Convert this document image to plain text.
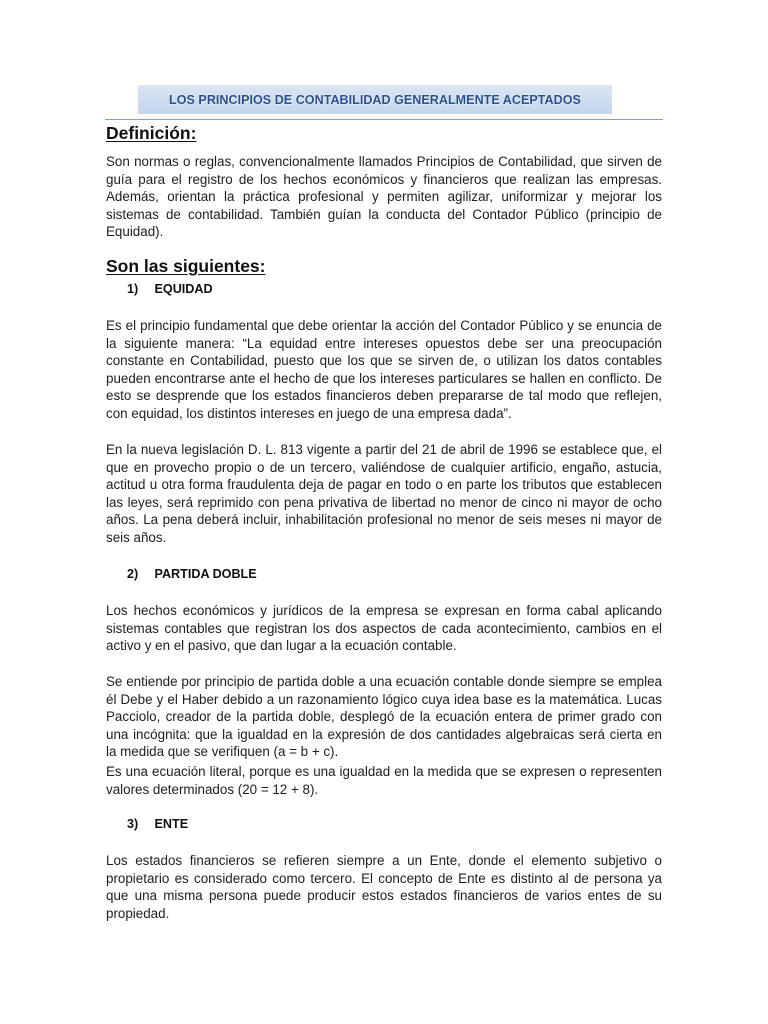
LOS PRINCIPIOS DE CONTABILIDAD GENERALMENTE ACEPTADOS
Definición:

Son normas o reglas, convencionalmente llamados Principios de Contabilidad, que sirven de guía para el registro de los hechos económicos y financieros que realizan las empresas. Además, orientan la práctica profesional y permiten agilizar, uniformizar y mejorar los sistemas de contabilidad. También guían la conducta del Contador Público (principio de Equidad).

Son las siguientes:
1) EQUIDAD

Es el principio fundamental que debe orientar la acción del Contador Público y se enuncia de la siguiente manera: “La equidad entre intereses opuestos debe ser una preocupación constante en Contabilidad, puesto que los que se sirven de, o utilizan los datos contables pueden encontrarse ante el hecho de que los intereses particulares se hallen en conflicto. De esto se desprende que los estados financieros deben prepararse de tal modo que reflejen, con equidad, los distintos intereses en juego de una empresa dada”.

En la nueva legislación D. L. 813 vigente a partir del 21 de abril de 1996 se establece que, el que en provecho propio o de un tercero, valiéndose de cualquier artificio, engaño, astucia, actitud u otra forma fraudulenta deja de pagar en todo o en parte los tributos que establecen las leyes, será reprimido con pena privativa de libertad no menor de cinco ni mayor de ocho años. La pena deberá incluir, inhabilitación profesional no menor de seis meses ni mayor de seis años.

2) PARTIDA DOBLE

Los hechos económicos y jurídicos de la empresa se expresan en forma cabal aplicando sistemas contables que registran los dos aspectos de cada acontecimiento, cambios en el activo y en el pasivo, que dan lugar a la ecuación contable.

Se entiende por principio de partida doble a una ecuación contable donde siempre se emplea él Debe y el Haber debido a un razonamiento lógico cuya idea base es la matemática. Lucas Pacciolo, creador de la partida doble, desplegó de la ecuación entera de primer grado con una incógnita: que la igualdad en la expresión de dos cantidades algebraicas será cierta en la medida que se verifiquen (a = b + c).

Es una ecuación literal, porque es una igualdad en la medida que se expresen o representen valores determinados (20 = 12 + 8).

3) ENTE

Los estados financieros se refieren siempre a un Ente, donde el elemento subjetivo o propietario es considerado como tercero. El concepto de Ente es distinto al de persona ya que una misma persona puede producir estos estados financieros de varios entes de su propiedad.
